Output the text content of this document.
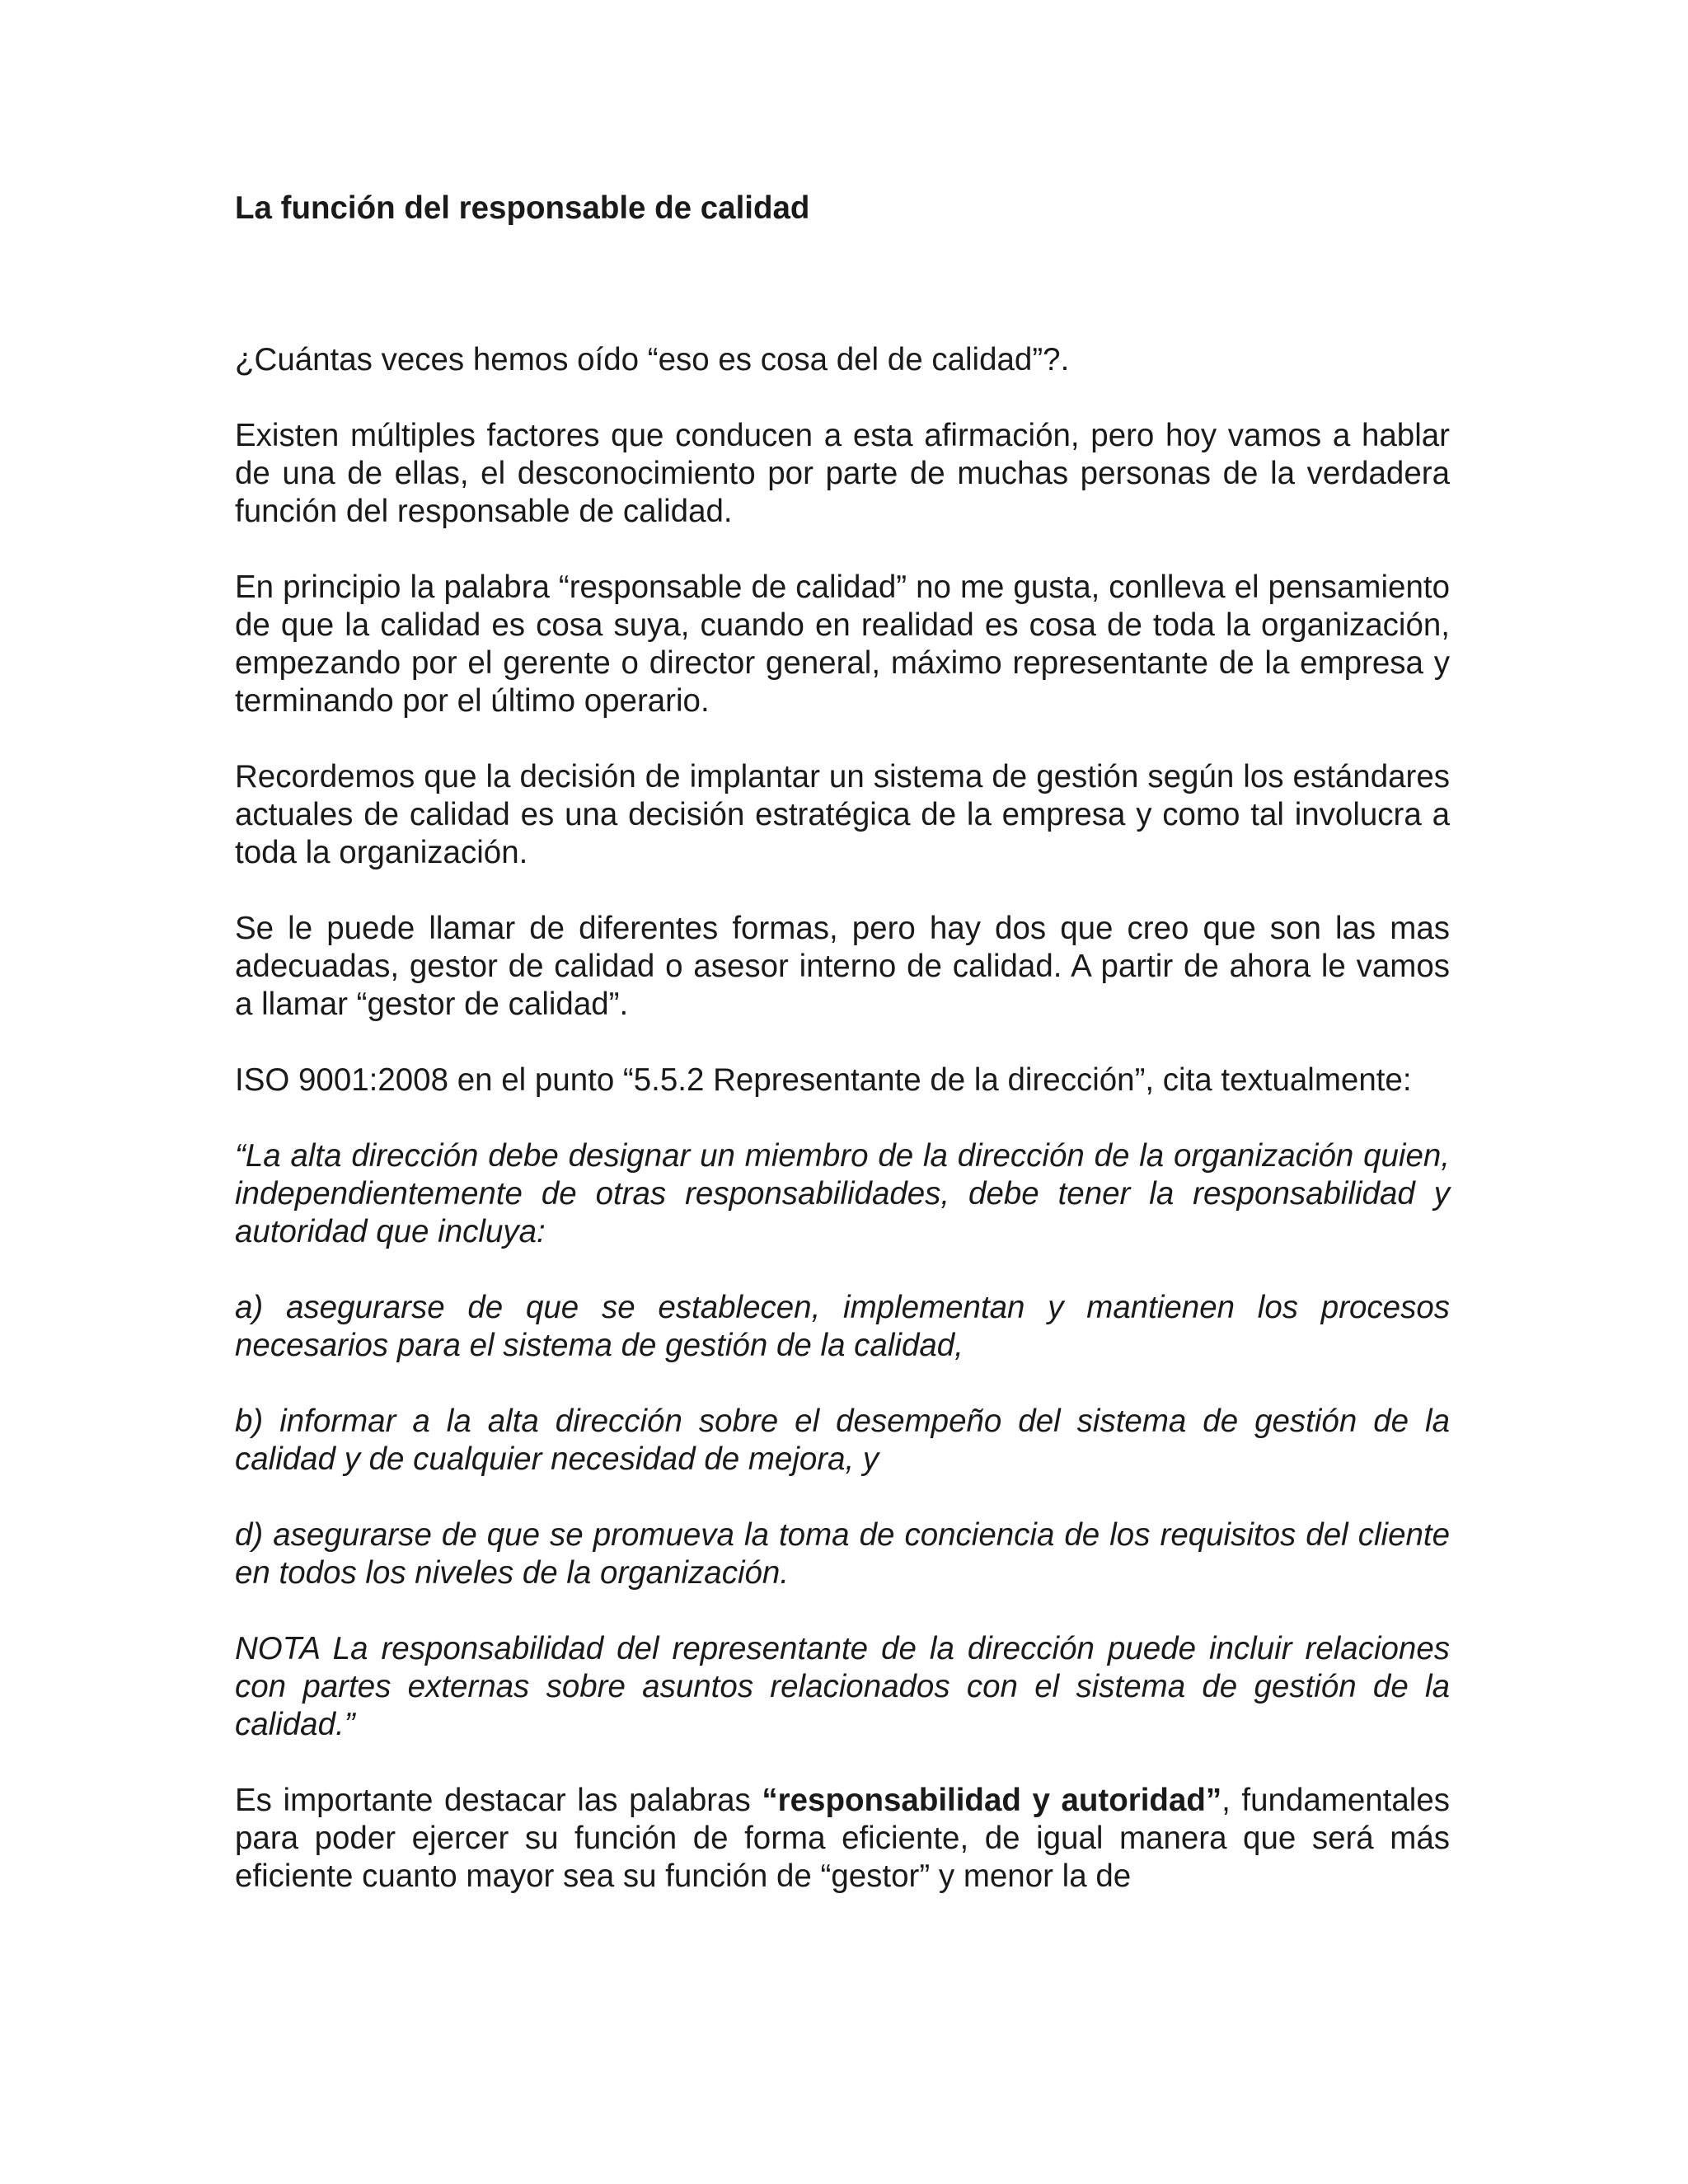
La función del responsable de calidad

¿Cuántas veces hemos oído “eso es cosa del de calidad”?.

Existen múltiples factores que conducen a esta afirmación, pero hoy vamos a hablar de una de ellas, el desconocimiento por parte de muchas personas de la verdadera función del responsable de calidad.

En principio la palabra “responsable de calidad” no me gusta, conlleva el pensamiento de que la calidad es cosa suya, cuando en realidad es cosa de toda la organización, empezando por el gerente o director general, máximo representante de la empresa y terminando por el último operario.

Recordemos que la decisión de implantar un sistema de gestión según los estándares actuales de calidad es una decisión estratégica de la empresa y como tal involucra a toda la organización.

Se le puede llamar de diferentes formas, pero hay dos que creo que son las mas adecuadas, gestor de calidad o asesor interno de calidad. A partir de ahora le vamos a llamar “gestor de calidad”.

ISO 9001:2008 en el punto “5.5.2 Representante de la dirección”, cita textualmente:

“La alta dirección debe designar un miembro de la dirección de la organización quien, independientemente de otras responsabilidades, debe tener la responsabilidad y autoridad que incluya:

a) asegurarse de que se establecen, implementan y mantienen los procesos necesarios para el sistema de gestión de la calidad,

b) informar a la alta dirección sobre el desempeño del sistema de gestión de la calidad y de cualquier necesidad de mejora, y

d) asegurarse de que se promueva la toma de conciencia de los requisitos del cliente en todos los niveles de la organización.

NOTA La responsabilidad del representante de la dirección puede incluir relaciones con partes externas sobre asuntos relacionados con el sistema de gestión de la calidad.”

Es importante destacar las palabras “responsabilidad y autoridad”, fundamentales para poder ejercer su función de forma eficiente, de igual manera que será más eficiente cuanto mayor sea su función de “gestor” y menor la de
